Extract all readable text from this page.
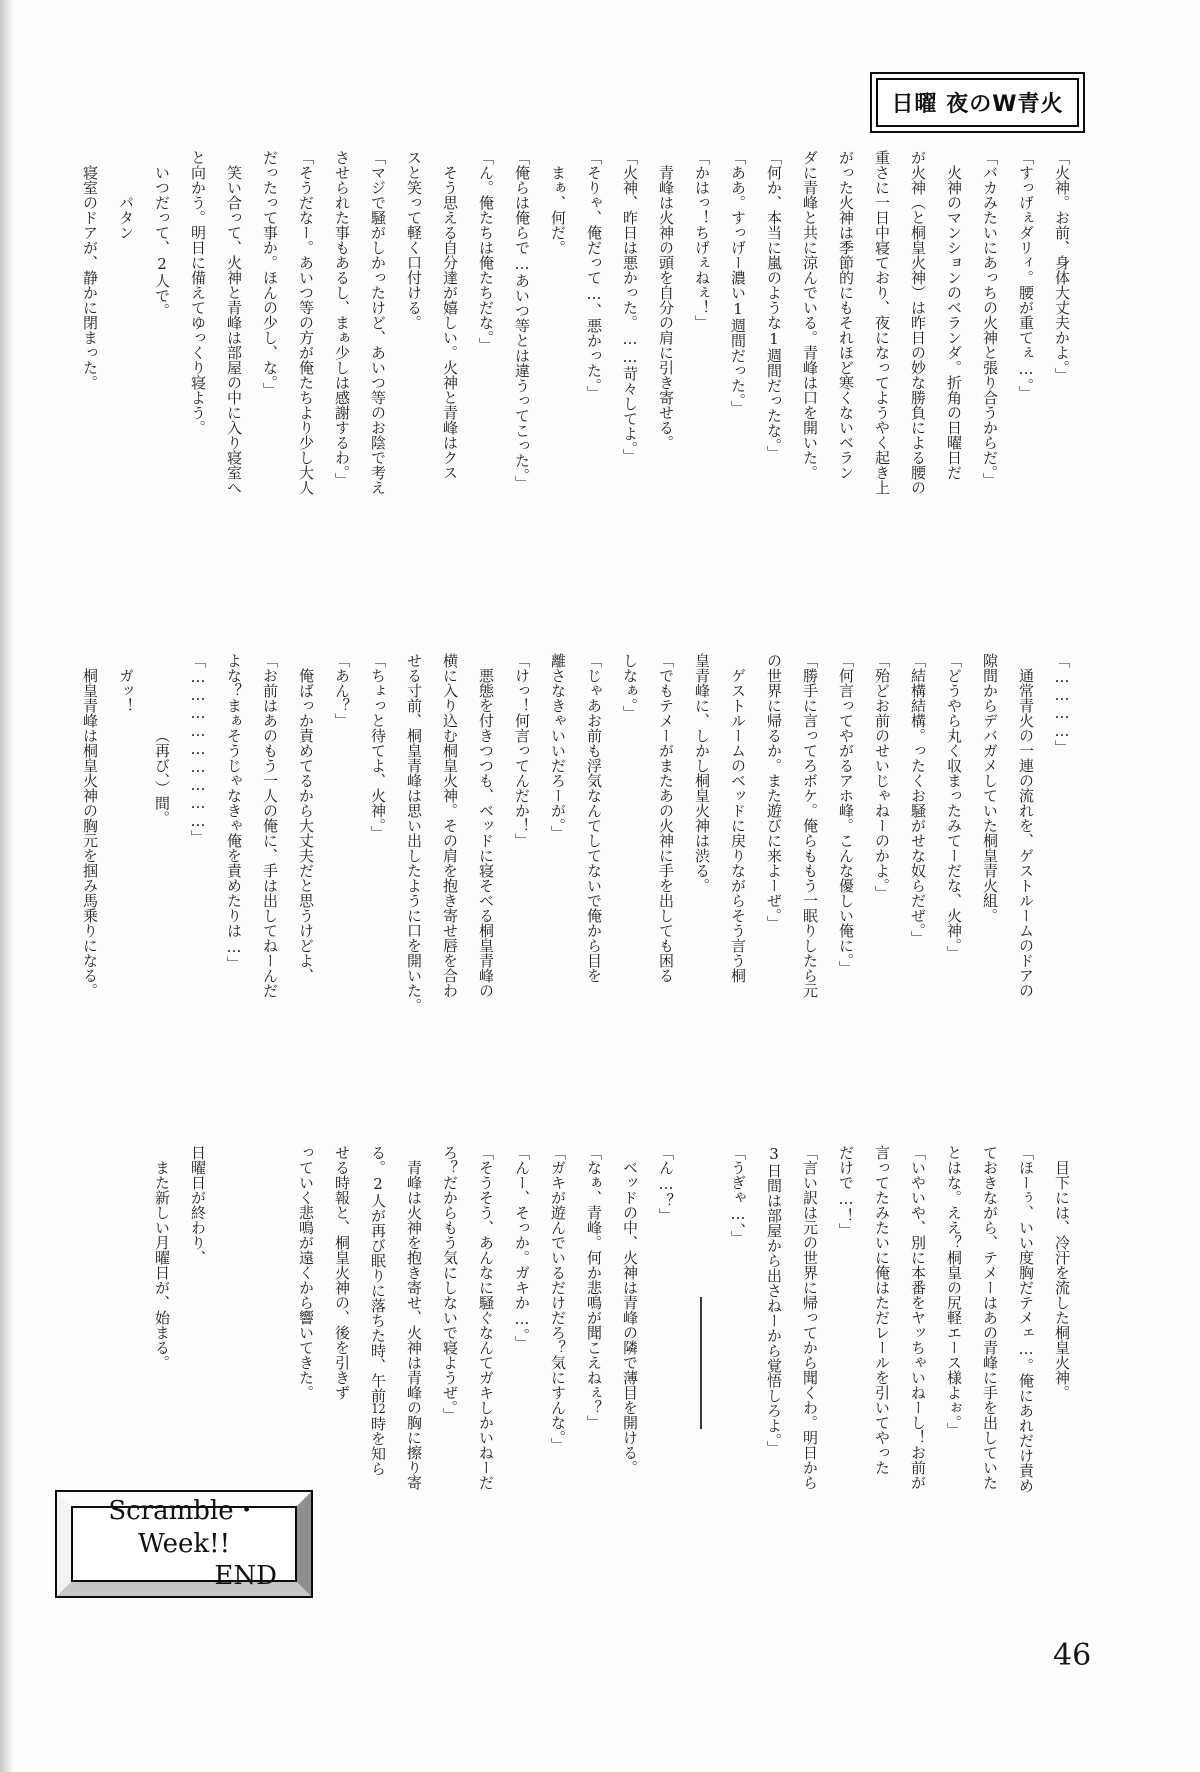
日曜 夜のW青火
「火神。お前、身体大丈夫かよ。」
「すっげぇダリィ。腰が重てぇ…。」
「バカみたいにあっちの火神と張り合うからだ。」
火神のマンションのベランダ。折角の日曜日だ
が火神（と桐皇火神）は昨日の妙な勝負による腰の
重さに一日中寝ており、夜になってようやく起き上
がった火神は季節的にもそれほど寒くないベラン
ダに青峰と共に涼んでいる。青峰は口を開いた。
「何か、本当に嵐のような1週間だったな。」
「ああ。すっげー濃い1週間だった。」
「かはっ！ちげぇねぇ！」
青峰は火神の頭を自分の肩に引き寄せる。
「火神、昨日は悪かった。……苛々してよ。」
「そりゃ、俺だって…、悪かった。」
まぁ、何だ。
「俺らは俺らで…あいつ等とは違うってこった。」
「ん。俺たちは俺たちだな。」
そう思える自分達が嬉しい。火神と青峰はクス
スと笑って軽く口付ける。
「マジで騒がしかったけど、あいつ等のお陰で考え
させられた事もあるし、まぁ少しは感謝するわ。」
「そうだなー。あいつ等の方が俺たちより少し大人
だったって事か。ほんの少し、な。」
笑い合って、火神と青峰は部屋の中に入り寝室へ
と向かう。明日に備えてゆっくり寝よう。
いつだって、2人で。
パタン
寝室のドアが、静かに閉まった。
「…………」
通常青火の一連の流れを、ゲストルームのドアの
隙間からデバガメしていた桐皇青火組。
「どうやら丸く収まったみてーだな、火神。」
「結構結構。ったくお騒がせな奴らだぜ。」
「殆どお前のせいじゃねーのかよ。」
「何言ってやがるアホ峰。こんな優しい俺に。」
「勝手に言ってろボケ。俺らももう一眠りしたら元
の世界に帰るか。また遊びに来よーぜ。」
ゲストルームのベッドに戻りながらそう言う桐
皇青峰に、しかし桐皇火神は渋る。
「でもテメーがまたあの火神に手を出しても困る
しなぁ。」
「じゃあお前も浮気なんてしてないで俺から目を
離さなきゃいいだろーが。」
「けっ！何言ってんだか！」
悪態を付きつつも、ベッドに寝そべる桐皇青峰の
横に入り込む桐皇火神。その肩を抱き寄せ唇を合わ
せる寸前、桐皇青峰は思い出したように口を開いた。
「ちょっと待てよ、火神。」
「あん？」
俺ばっか責めてるから大丈夫だと思うけどよ、
「お前はあのもう一人の俺に、手は出してねーんだ
よな？まぁそうじゃなきゃ俺を責めたりは…」
「………………………」
（再び、）間。
ガッ！
桐皇青峰は桐皇火神の胸元を掴み馬乗りになる。
目下には、冷汗を流した桐皇火神。
「ほーぅ、いい度胸だテメェ…。俺にあれだけ責め
ておきながら、テメーはあの青峰に手を出していた
とはな。ええ？桐皇の尻軽エース様よぉ。」
「いやいや、別に本番をヤッちゃいねーし！お前が
言ってたみたいに俺はただレールを引いてやった
だけで…！」
「言い訳は元の世界に帰ってから聞くわ。明日から
3日間は部屋から出さねーから覚悟しろよ。」
「うぎゃ…、」
「ん…？」
ベッドの中、火神は青峰の隣で薄目を開ける。
「なぁ、青峰。何か悲鳴が聞こえねぇ？」
「ガキが遊んでいるだけだろ？気にすんな。」
「んー、そっか。ガキか…。」
「そうそう、あんなに騒ぐなんてガキしかいねーだ
ろ？だからもう気にしないで寝ようぜ。」
青峰は火神を抱き寄せ、火神は青峰の胸に擦り寄
る。2人が再び眠りに落ちた時、午前12時を知ら
せる時報と、桐皇火神の、後を引きず
っていく悲鳴が遠くから響いてきた。
日曜日が終わり、
また新しい月曜日が、始まる。
Scramble・Week!!
END
46
